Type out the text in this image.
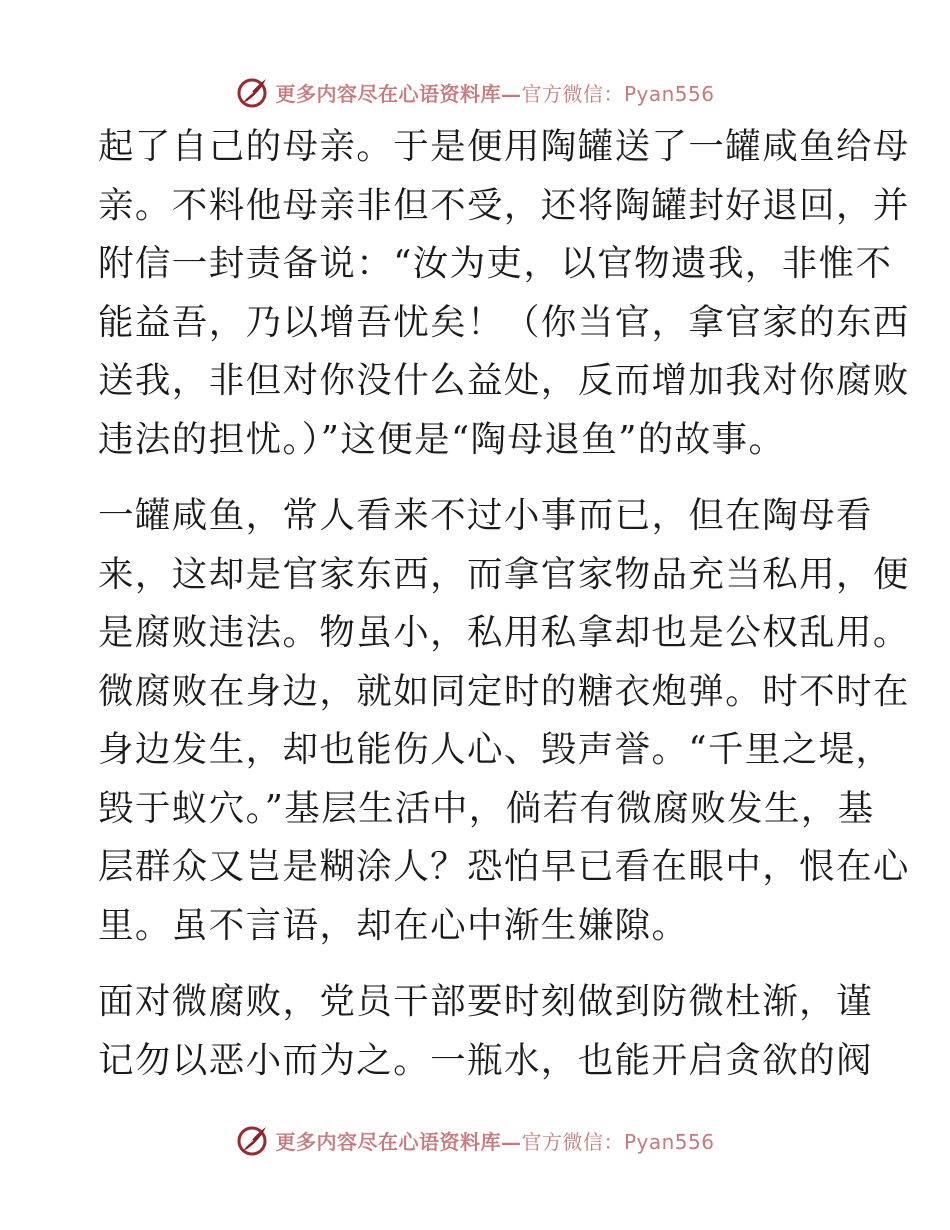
更多内容尽在心语资料库—官方微信：Pyan556

起了自己的母亲。于是便用陶罐送了一罐咸鱼给母
亲。不料他母亲非但不受，还将陶罐封好退回，并
附信一封责备说：“汝为吏，以官物遗我，非惟不
能益吾，乃以增吾忧矣！（你当官，拿官家的东西
送我，非但对你没什么益处，反而增加我对你腐败
违法的担忧。）”这便是“陶母退鱼”的故事。

一罐咸鱼，常人看来不过小事而已，但在陶母看
来，这却是官家东西，而拿官家物品充当私用，便
是腐败违法。物虽小，私用私拿却也是公权乱用。
微腐败在身边，就如同定时的糖衣炮弹。时不时在
身边发生，却也能伤人心、毁声誉。“千里之堤，
毁于蚁穴。”基层生活中，倘若有微腐败发生，基
层群众又岂是糊涂人？恐怕早已看在眼中，恨在心
里。虽不言语，却在心中渐生嫌隙。

面对微腐败，党员干部要时刻做到防微杜渐，谨
记勿以恶小而为之。一瓶水，也能开启贪欲的阀

更多内容尽在心语资料库—官方微信：Pyan556
